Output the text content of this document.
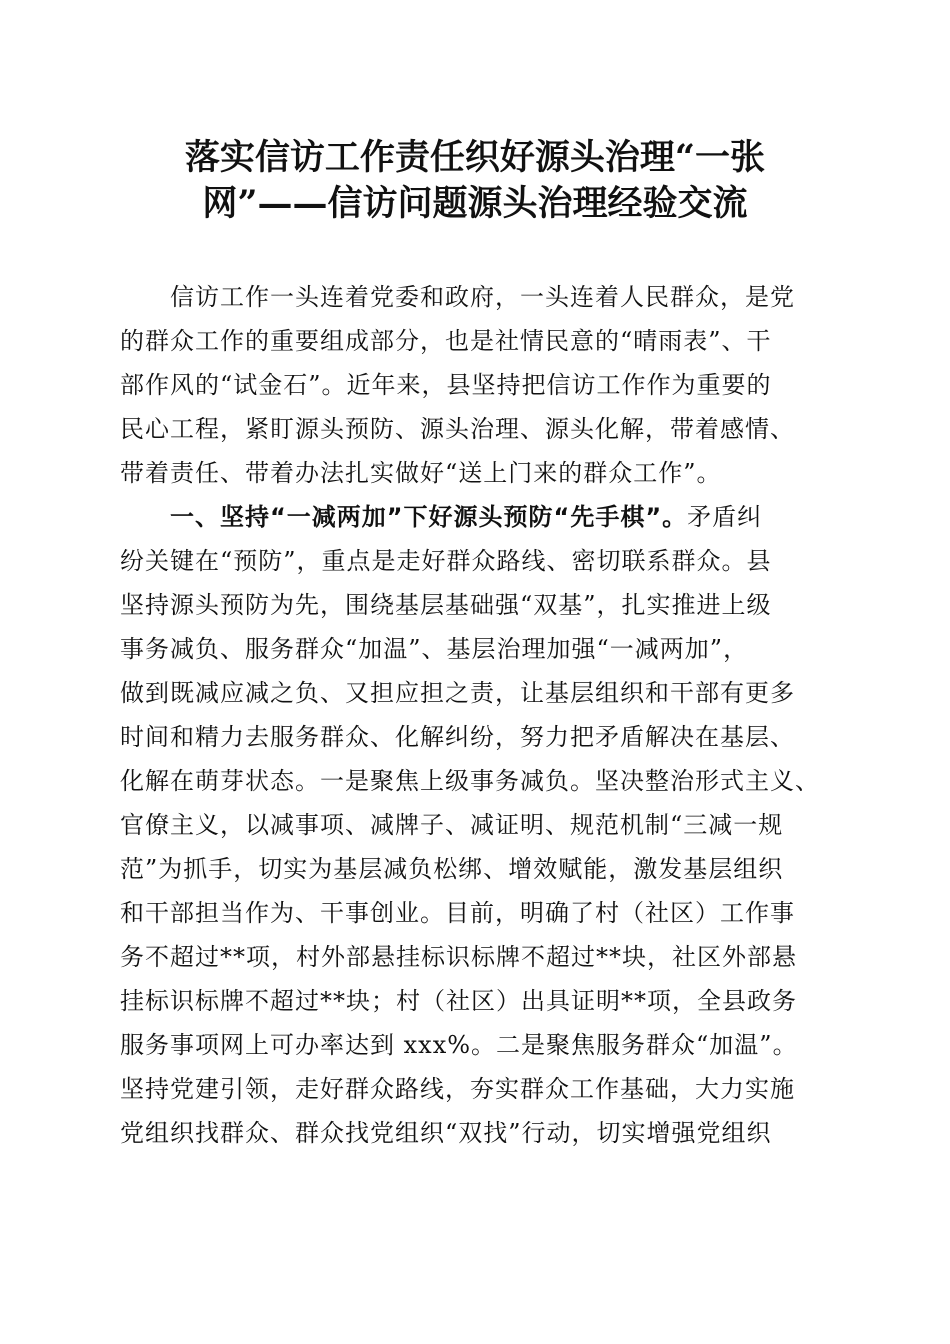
落实信访工作责任织好源头治理“一张
网”——信访问题源头治理经验交流
　　信访工作一头连着党委和政府，一头连着人民群众，是党
的群众工作的重要组成部分，也是社情民意的“晴雨表”、干
部作风的“试金石”。近年来，县坚持把信访工作作为重要的
民心工程，紧盯源头预防、源头治理、源头化解，带着感情、
带着责任、带着办法扎实做好“送上门来的群众工作”。
　　一、坚持“一减两加”下好源头预防“先手棋”。矛盾纠
纷关键在“预防”，重点是走好群众路线、密切联系群众。县
坚持源头预防为先，围绕基层基础强“双基”，扎实推进上级
事务减负、服务群众“加温”、基层治理加强“一减两加”，
做到既减应减之负、又担应担之责，让基层组织和干部有更多
时间和精力去服务群众、化解纠纷，努力把矛盾解决在基层、
化解在萌芽状态。一是聚焦上级事务减负。坚决整治形式主义、
官僚主义，以减事项、减牌子、减证明、规范机制“三减一规
范”为抓手，切实为基层减负松绑、增效赋能，激发基层组织
和干部担当作为、干事创业。目前，明确了村（社区）工作事
务不超过**项，村外部悬挂标识标牌不超过**块，社区外部悬
挂标识标牌不超过**块；村（社区）出具证明**项，全县政务
服务事项网上可办率达到 xxx%。二是聚焦服务群众“加温”。
坚持党建引领，走好群众路线，夯实群众工作基础，大力实施
党组织找群众、群众找党组织“双找”行动，切实增强党组织
